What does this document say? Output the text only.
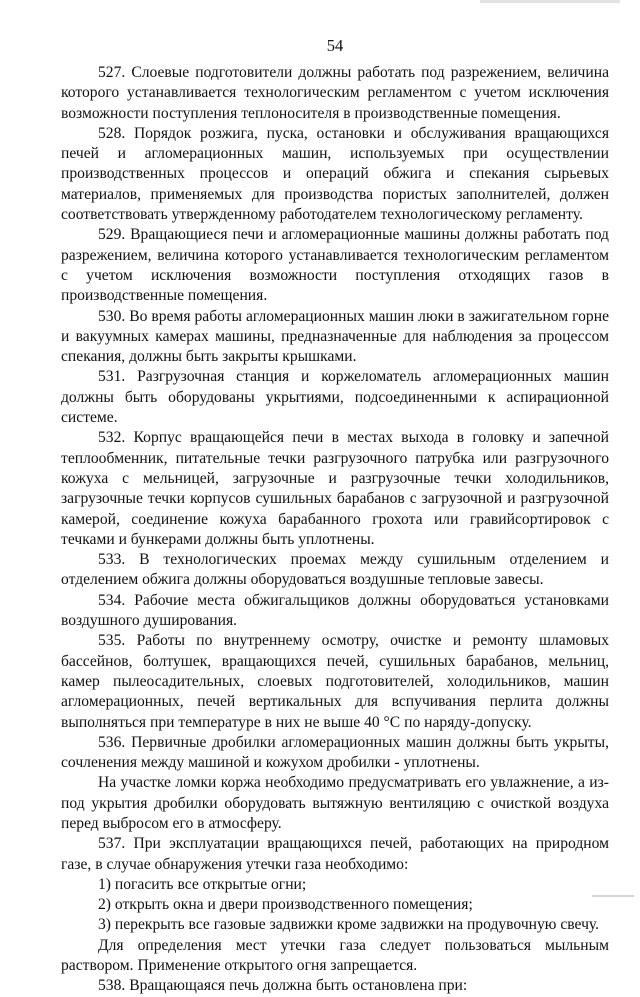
54

527. Слоевые подготовители должны работать под разрежением, величина которого устанавливается технологическим регламентом с учетом исключения возможности поступления теплоносителя в производственные помещения.

528. Порядок розжига, пуска, остановки и обслуживания вращающихся печей и агломерационных машин, используемых при осуществлении производственных процессов и операций обжига и спекания сырьевых материалов, применяемых для производства пористых заполнителей, должен соответствовать утвержденному работодателем технологическому регламенту.

529. Вращающиеся печи и агломерационные машины должны работать под разрежением, величина которого устанавливается технологическим регламентом с учетом исключения возможности поступления отходящих газов в производственные помещения.

530. Во время работы агломерационных машин люки в зажигательном горне и вакуумных камерах машины, предназначенные для наблюдения за процессом спекания, должны быть закрыты крышками.

531. Разгрузочная станция и коржеломатель агломерационных машин должны быть оборудованы укрытиями, подсоединенными к аспирационной системе.

532. Корпус вращающейся печи в местах выхода в головку и запечной теплообменник, питательные течки разгрузочного патрубка или разгрузочного кожуха с мельницей, загрузочные и разгрузочные течки холодильников, загрузочные течки корпусов сушильных барабанов с загрузочной и разгрузочной камерой, соединение кожуха барабанного грохота или гравийсортировок с течками и бункерами должны быть уплотнены.

533. В технологических проемах между сушильным отделением и отделением обжига должны оборудоваться воздушные тепловые завесы.

534. Рабочие места обжигальщиков должны оборудоваться установками воздушного душирования.

535. Работы по внутреннему осмотру, очистке и ремонту шламовых бассейнов, болтушек, вращающихся печей, сушильных барабанов, мельниц, камер пылеосадительных, слоевых подготовителей, холодильников, машин агломерационных, печей вертикальных для вспучивания перлита должны выполняться при температуре в них не выше 40 °C по наряду-допуску.

536. Первичные дробилки агломерационных машин должны быть укрыты, сочленения между машиной и кожухом дробилки - уплотнены.

На участке ломки коржа необходимо предусматривать его увлажнение, а из-под укрытия дробилки оборудовать вытяжную вентиляцию с очисткой воздуха перед выбросом его в атмосферу.

537. При эксплуатации вращающихся печей, работающих на природном газе, в случае обнаружения утечки газа необходимо:

1) погасить все открытые огни;

2) открыть окна и двери производственного помещения;

3) перекрыть все газовые задвижки кроме задвижки на продувочную свечу.

Для определения мест утечки газа следует пользоваться мыльным раствором. Применение открытого огня запрещается.

538. Вращающаяся печь должна быть остановлена при:
